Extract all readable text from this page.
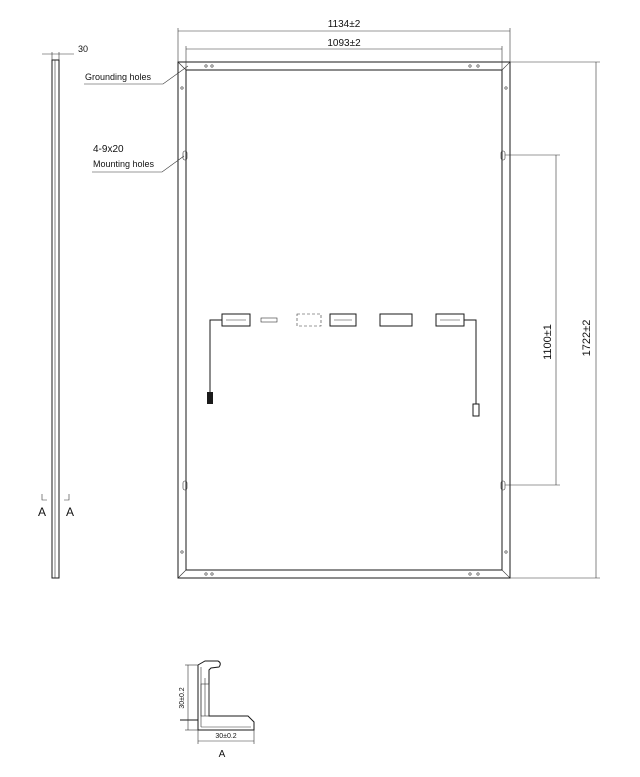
30
A A
1134±2
1093±2
1722±2
1100±1
Grounding holes
4-9x20
Mounting holes
30±0.2
30±0.2
A
